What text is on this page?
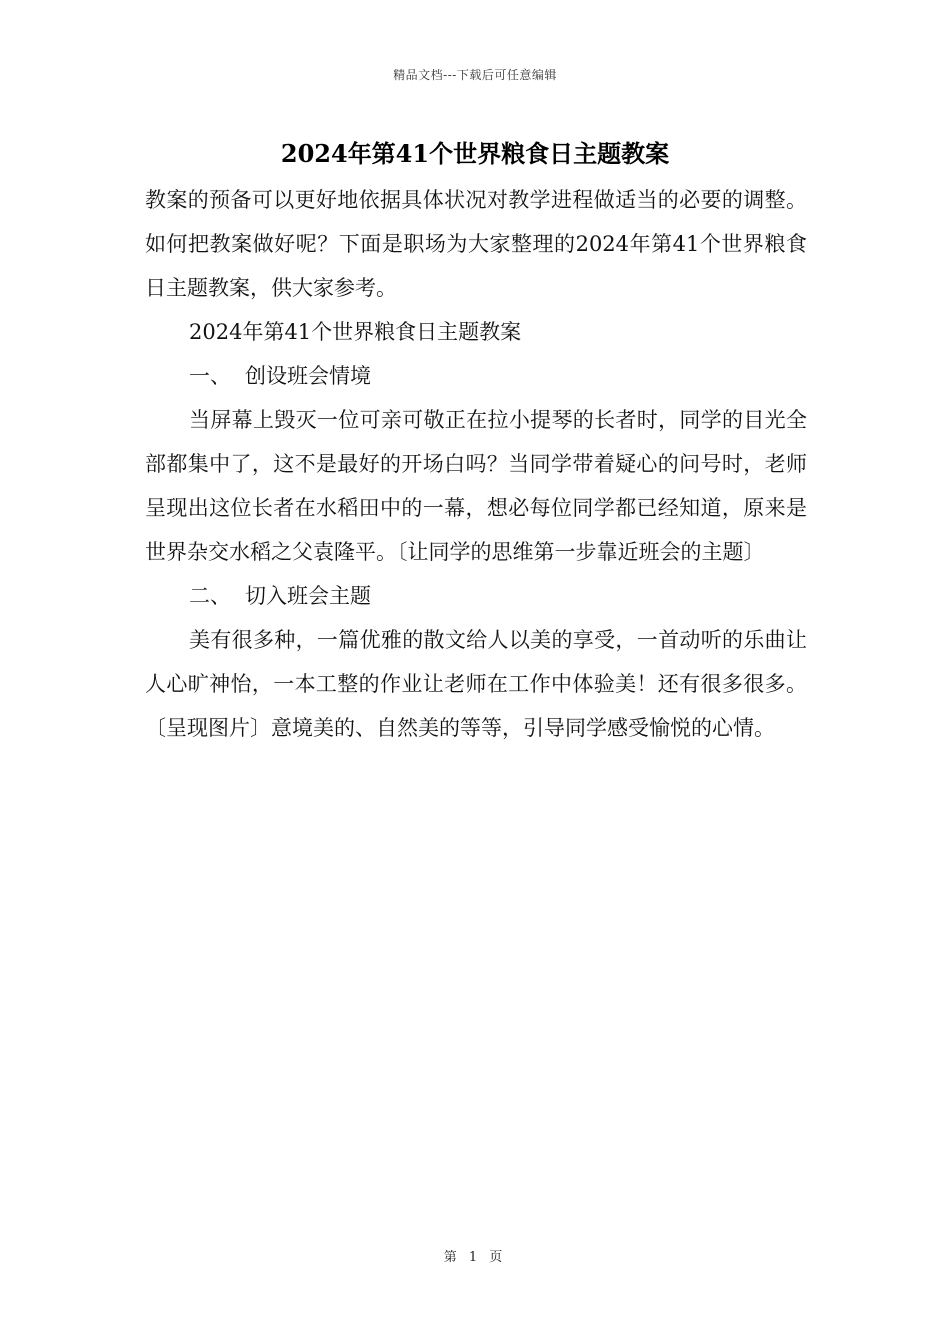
精品文档---下载后可任意编辑
2024年第41个世界粮食日主题教案

教案的预备可以更好地依据具体状况对教学进程做适当的必要的调整。如何把教案做好呢？下面是职场为大家整理的2024年第41个世界粮食日主题教案，供大家参考。

2024年第41个世界粮食日主题教案

一、 创设班会情境

当屏幕上毁灭一位可亲可敬正在拉小提琴的长者时，同学的目光全部都集中了，这不是最好的开场白吗？当同学带着疑心的问号时，老师呈现出这位长者在水稻田中的一幕，想必每位同学都已经知道，原来是世界杂交水稻之父袁隆平。〔让同学的思维第一步靠近班会的主题〕

二、 切入班会主题

美有很多种，一篇优雅的散文给人以美的享受，一首动听的乐曲让人心旷神怡，一本工整的作业让老师在工作中体验美！还有很多很多。〔呈现图片〕意境美的、自然美的等等，引导同学感受愉悦的心情。

第 1 页
